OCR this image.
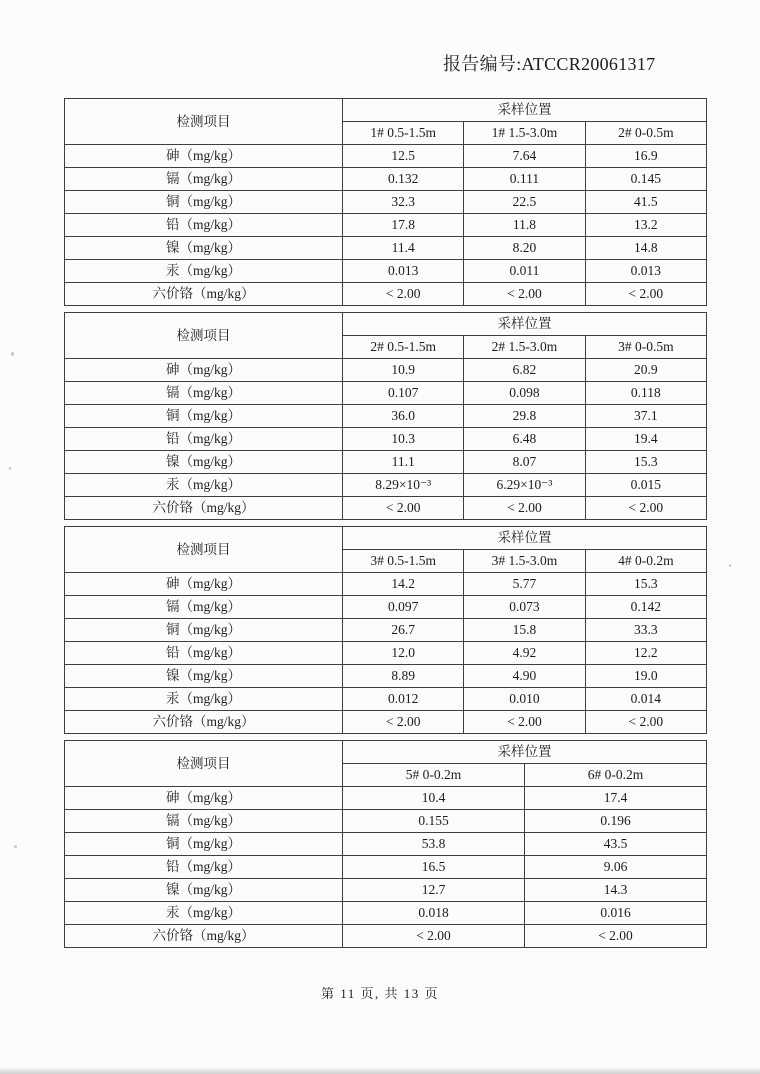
报告编号:ATCCR20061317
检测项目	采样位置		
	1# 0.5-1.5m	1# 1.5-3.0m	2# 0-0.5m
砷（mg/kg）	12.5	7.64	16.9
镉（mg/kg）	0.132	0.111	0.145
铜（mg/kg）	32.3	22.5	41.5
铅（mg/kg）	17.8	11.8	13.2
镍（mg/kg）	11.4	8.20	14.8
汞（mg/kg）	0.013	0.011	0.013
六价铬（mg/kg）	< 2.00	< 2.00	< 2.00
检测项目	采样位置		
	2# 0.5-1.5m	2# 1.5-3.0m	3# 0-0.5m
砷（mg/kg）	10.9	6.82	20.9
镉（mg/kg）	0.107	0.098	0.118
铜（mg/kg）	36.0	29.8	37.1
铅（mg/kg）	10.3	6.48	19.4
镍（mg/kg）	11.1	8.07	15.3
汞（mg/kg）	8.29×10⁻³	6.29×10⁻³	0.015
六价铬（mg/kg）	< 2.00	< 2.00	< 2.00
检测项目	采样位置		
	3# 0.5-1.5m	3# 1.5-3.0m	4# 0-0.2m
砷（mg/kg）	14.2	5.77	15.3
镉（mg/kg）	0.097	0.073	0.142
铜（mg/kg）	26.7	15.8	33.3
铅（mg/kg）	12.0	4.92	12.2
镍（mg/kg）	8.89	4.90	19.0
汞（mg/kg）	0.012	0.010	0.014
六价铬（mg/kg）	< 2.00	< 2.00	< 2.00
检测项目	采样位置	
	5# 0-0.2m	6# 0-0.2m
砷（mg/kg）	10.4	17.4
镉（mg/kg）	0.155	0.196
铜（mg/kg）	53.8	43.5
铅（mg/kg）	16.5	9.06
镍（mg/kg）	12.7	14.3
汞（mg/kg）	0.018	0.016
六价铬（mg/kg）	< 2.00	< 2.00
第 11 页, 共 13 页
